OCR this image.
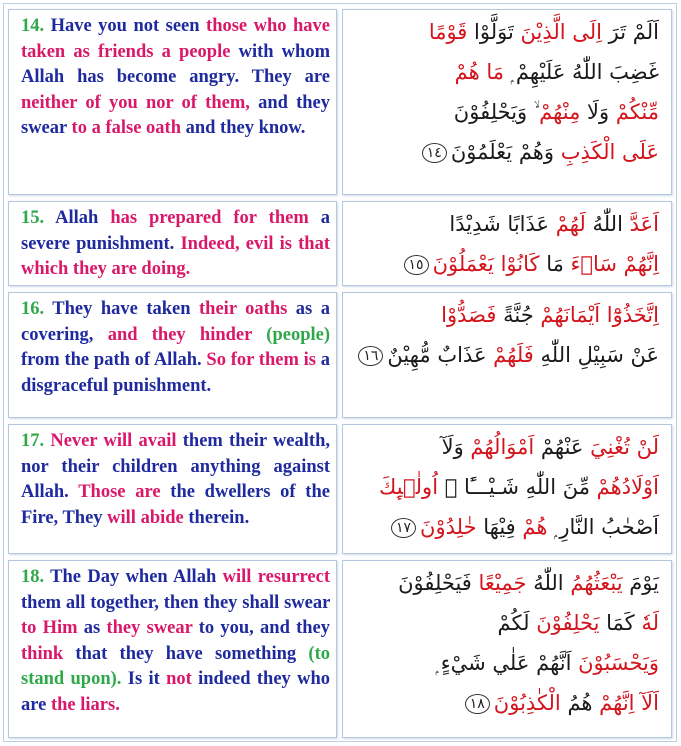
14. Have you not seen those who have taken as friends a people with whom Allah has become angry. They are neither of you nor of them, and they swear to a false oath and they know.

اَلَمْ تَرَ اِلَى الَّذِيْنَ تَوَلَّوْا قَوْمًا
غَضِبَ اللّٰهُ عَلَيْهِمْ ۭ مَا هُمْ
مِّنْكُمْ وَلَا مِنْهُمْ ۙ وَيَحْلِفُوْنَ
عَلَى الْكَذِبِ وَهُمْ يَعْلَمُوْنَ١٤

15. Allah has prepared for them a severe punishment. Indeed, evil is that which they are doing.

اَعَدَّ اللّٰهُ لَهُمْ عَذَابًا شَدِيْدًا
اِنَّهُمْ سَاۗءَ مَا كَانُوْا يَعْمَلُوْنَ١٥

16. They have taken their oaths as a covering, and they hinder (people) from the path of Allah. So for them is a disgraceful punishment.

اِتَّخَذُوْٓا اَيْمَانَهُمْ جُنَّةً فَصَدُّوْا
عَنْ سَبِيْلِ اللّٰهِ فَلَهُمْ عَذَابٌ مُّهِيْنٌ١٦

17. Never will avail them their wealth, nor their children anything against Allah. Those are the dwellers of the Fire, They will abide therein.

لَنْ تُغْنِيَ عَنْهُمْ اَمْوَالُهُمْ وَلَآ
اَوْلَادُهُمْ مِّنَ اللّٰهِ شَـيْـــًٔا ۭ اُولٰۗىِٕكَ
اَصْحٰبُ النَّارِ ۭ هُمْ فِيْهَا خٰلِدُوْنَ١٧

18. The Day when Allah will resurrect them all together, then they shall swear to Him as they swear to you, and they think that they have something (to stand upon). Is it not indeed they who are the liars.

يَوْمَ يَبْعَثُهُمُ اللّٰهُ جَمِيْعًا فَيَحْلِفُوْنَ
لَهٗ كَمَا يَحْلِفُوْنَ لَكُمْ
وَيَحْسَبُوْنَ اَنَّهُمْ عَلٰي شَيْءٍ ۭ
اَلَآ اِنَّهُمْ هُمُ الْكٰذِبُوْنَ١٨
